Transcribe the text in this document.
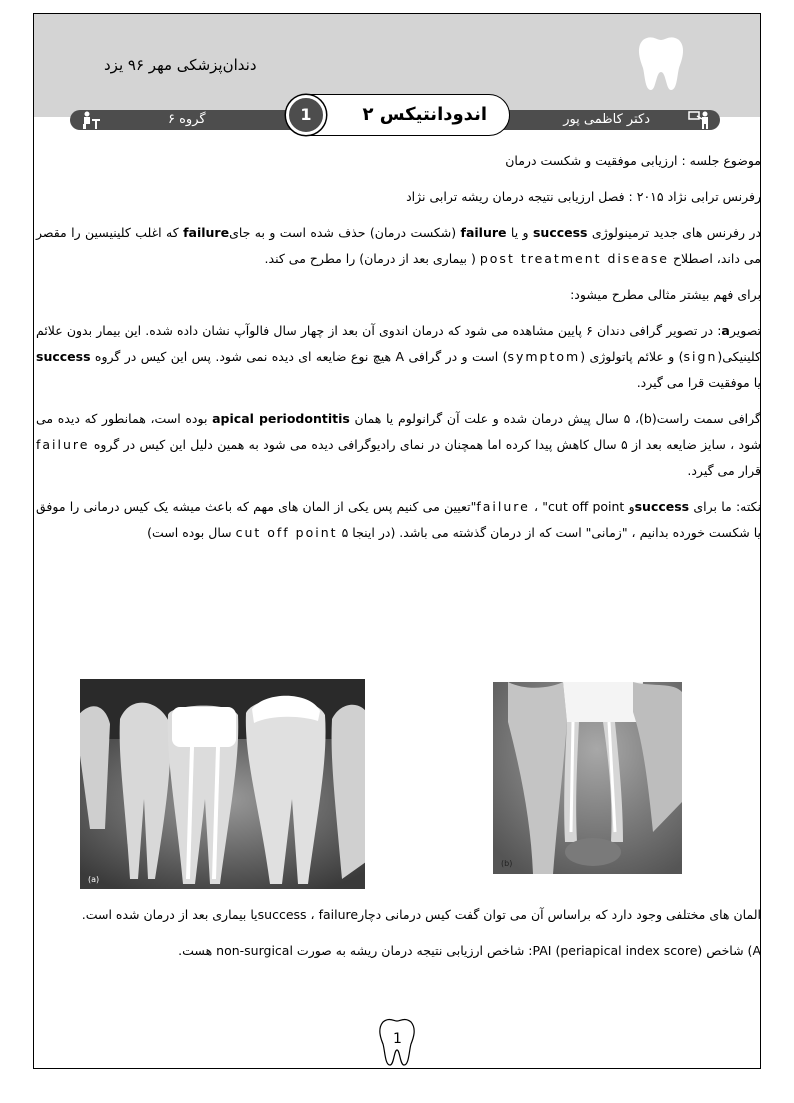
دندان‌پزشکی مهر ۹۶ یزد
گروه ۶	دکتر کاظمی پور
اندودانتیکس ۲
1

موضوع جلسه : ارزیابی موفقیت و شکست درمان

رفرنس ترابی نژاد ۲۰۱۵ : فصل ارزیابی نتیجه درمان ریشه ترابی نژاد

در رفرنس های جدید ترمینولوژی success و یا failure (شکست درمان) حذف شده است و به جایfailure که اغلب کلینیسین را مقصر می داند، اصطلاح post treatment disease ( بیماری بعد از درمان) را مطرح می کند.

برای فهم بیشتر مثالی مطرح میشود:

تصویرa: در تصویر گرافی دندان ۶ پایین مشاهده می شود که درمان اندوی آن بعد از چهار سال فالوآپ نشان داده شده. این بیمار بدون علائم کلینیکی(sign) و علائم پاتولوژی (symptom) است و در گرافی A هیچ نوع ضایعه ای دیده نمی شود. پس این کیس در گروه success یا موفقیت قرا می گیرد.

گرافی سمت راست(b)، ۵ سال پیش درمان شده و علت آن گرانولوم یا همان apical periodontitis بوده است، همانطور که دیده می شود ، سایز ضایعه بعد از ۵ سال کاهش پیدا کرده اما همچنان در نمای رادیوگرافی دیده می شود به همین دلیل این کیس در گروه failure قرار می گیرد.

نکته: ما برای successو failure ، "cut off point"تعیین می کنیم پس یکی از المان های مهم که باعث میشه یک کیس درمانی را موفق یا شکست خورده بدانیم ، "زمانی" است که از درمان گذشته می باشد. (در اینجا cut off point ۵ سال بوده است)

(a)
(b)

المان های مختلفی وجود دارد که براساس آن می توان گفت کیس درمانی دچارsuccess ، failureیا بیماری بعد از درمان شده است.

A) شاخص PAI (periapical index score): شاخص ارزیابی نتیجه درمان ریشه به صورت non-surgical هست.

1
